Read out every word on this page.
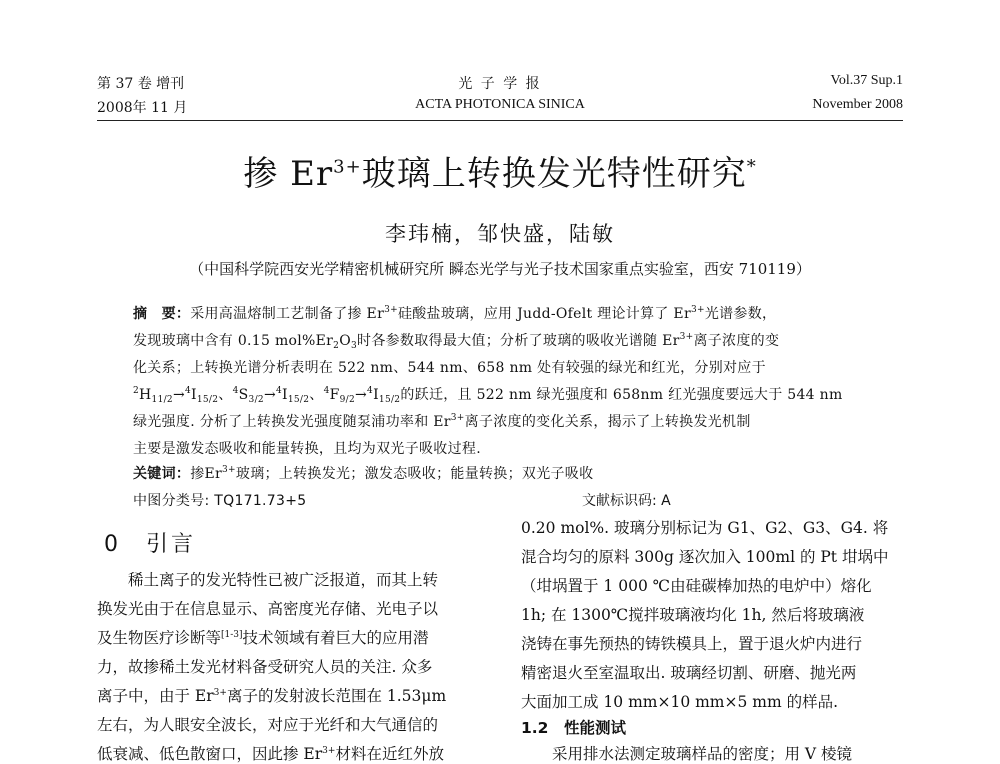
第 37 卷 增刊
2008年 11 月
光 子 学 报
ACTA PHOTONICA SINICA
Vol.37 Sup.1
November 2008
掺 $Er^{3+}$玻璃上转换发光特性研究*
李玮楠，邹快盛，陆敏
（中国科学院西安光学精密机械研究所 瞬态光学与光子技术国家重点实验室，西安 710119）
摘　要：采用高温熔制工艺制备了掺 $Er^{3+}$硅酸盐玻璃，应用 Judd-Ofelt 理论计算了 $Er^{3+}$光谱参数，
发现玻璃中含有 0.15 $mol\%Er_2O_3$时各参数取得最大值；分析了玻璃的吸收光谱随 $Er^{3+}$离子浓度的变
化关系；上转换光谱分析表明在 522 nm、544 nm、658 nm 处有较强的绿光和红光，分别对应于
$^2H_{11/2}\to^4I_{15/2}$、$^4S_{3/2}\to^4I_{15/2}$、$^4F_{9/2}\to^4I_{15/2}$的跃迁，且 522 nm 绿光强度和 658nm 红光强度要远大于 544 nm
绿光强度. 分析了上转换发光强度随泵浦功率和 $Er^{3+}$离子浓度的变化关系，揭示了上转换发光机制
主要是激发态吸收和能量转换，且均为双光子吸收过程.
关键词：掺$Er^{3+}$玻璃；上转换发光；激发态吸收；能量转换；双光子吸收
中图分类号: TQ171.73+5	文献标识码: A
0　引言
　　稀土离子的发光特性已被广泛报道，而其上转
换发光由于在信息显示、高密度光存储、光电子以
及生物医疗诊断等[1-3]技术领域有着巨大的应用潜
力，故掺稀土发光材料备受研究人员的关注. 众多
离子中，由于 $Er^{3+}$离子的发射波长范围在 1.53μm
左右，为人眼安全波长，对应于光纤和大气通信的
低衰减、低色散窗口，因此掺 $Er^{3+}$材料在近红外放
0.20 mol%. 玻璃分别标记为 G1、G2、G3、G4. 将
混合均匀的原料 300g 逐次加入 100ml 的 Pt 坩埚中
（坩埚置于 1 000 ℃由硅碳棒加热的电炉中）熔化
1h; 在 1300℃搅拌玻璃液均化 1h, 然后将玻璃液
浇铸在事先预热的铸铁模具上，置于退火炉内进行
精密退火至室温取出. 玻璃经切割、研磨、抛光两
大面加工成 10 mm×10 mm×5 mm 的样品.
1.2　性能测试
　　采用排水法测定玻璃样品的密度；用 V 棱镜
